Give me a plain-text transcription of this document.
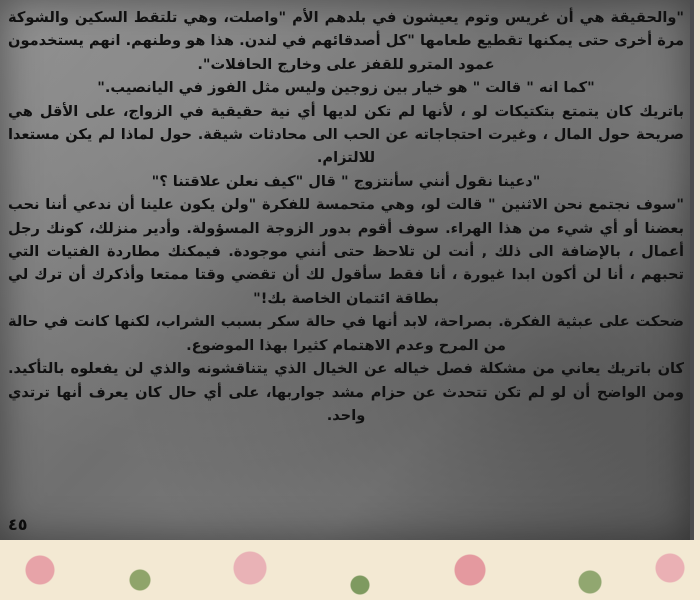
"والحقيقة هي أن غريس وتوم يعيشون في بلدهم الأم "واصلت، وهي تلتقط السكين والشوكة مرة أخرى حتى يمكنها تقطيع طعامها "كل أصدقائهم في لندن. هذا هو وطنهم. انهم يستخدمون عمود المترو للقفز على وخارج الحافلات".

"كما انه " قالت " هو خيار بين زوجين وليس مثل الفوز في اليانصيب."

باتريك كان يتمتع بتكتيكات لو ، لأنها لم تكن لديها أي نية حقيقية في الزواج، على الأقل هي صريحة حول المال ، وغيرت احتجاجاته عن الحب الى محادثات شيقة. حول لماذا لم يكن مستعدا للالتزام.

"دعينا نقول أنني سأنتزوج " قال "كيف نعلن علاقتنا ؟"

"سوف نجتمع نحن الاثنين " قالت لو، وهي متحمسة للفكرة "ولن يكون علينا أن ندعي أننا نحب بعضنا أو أي شيء من هذا الهراء. سوف أقوم بدور الزوجة المسؤولة. وأدير منزلك، كونك رجل أعمال ، بالإضافة الى ذلك , أنت لن تلاحظ حتى أنني موجودة. فيمكنك مطاردة الفتيات التي تحبهم ، أنا لن أكون ابدا غيورة ، أنا فقط سأقول لك أن تقضي وقتا ممتعا وأذكرك أن ترك لي بطاقة ائتمان الخاصة بك!"

ضحكت على عبثية الفكرة. بصراحة، لابد أنها في حالة سكر بسبب الشراب، لكنها كانت في حالة من المرح وعدم الاهتمام كثيرا بهذا الموضوع.

كان باتريك يعاني من مشكلة فصل خياله عن الخيال الذي يتناقشونه والذي لن يفعلوه بالتأكيد. ومن الواضح أن لو لم تكن تتحدث عن حزام مشد جواربها، على أي حال كان يعرف أنها ترتدي واحد.

٤٥
